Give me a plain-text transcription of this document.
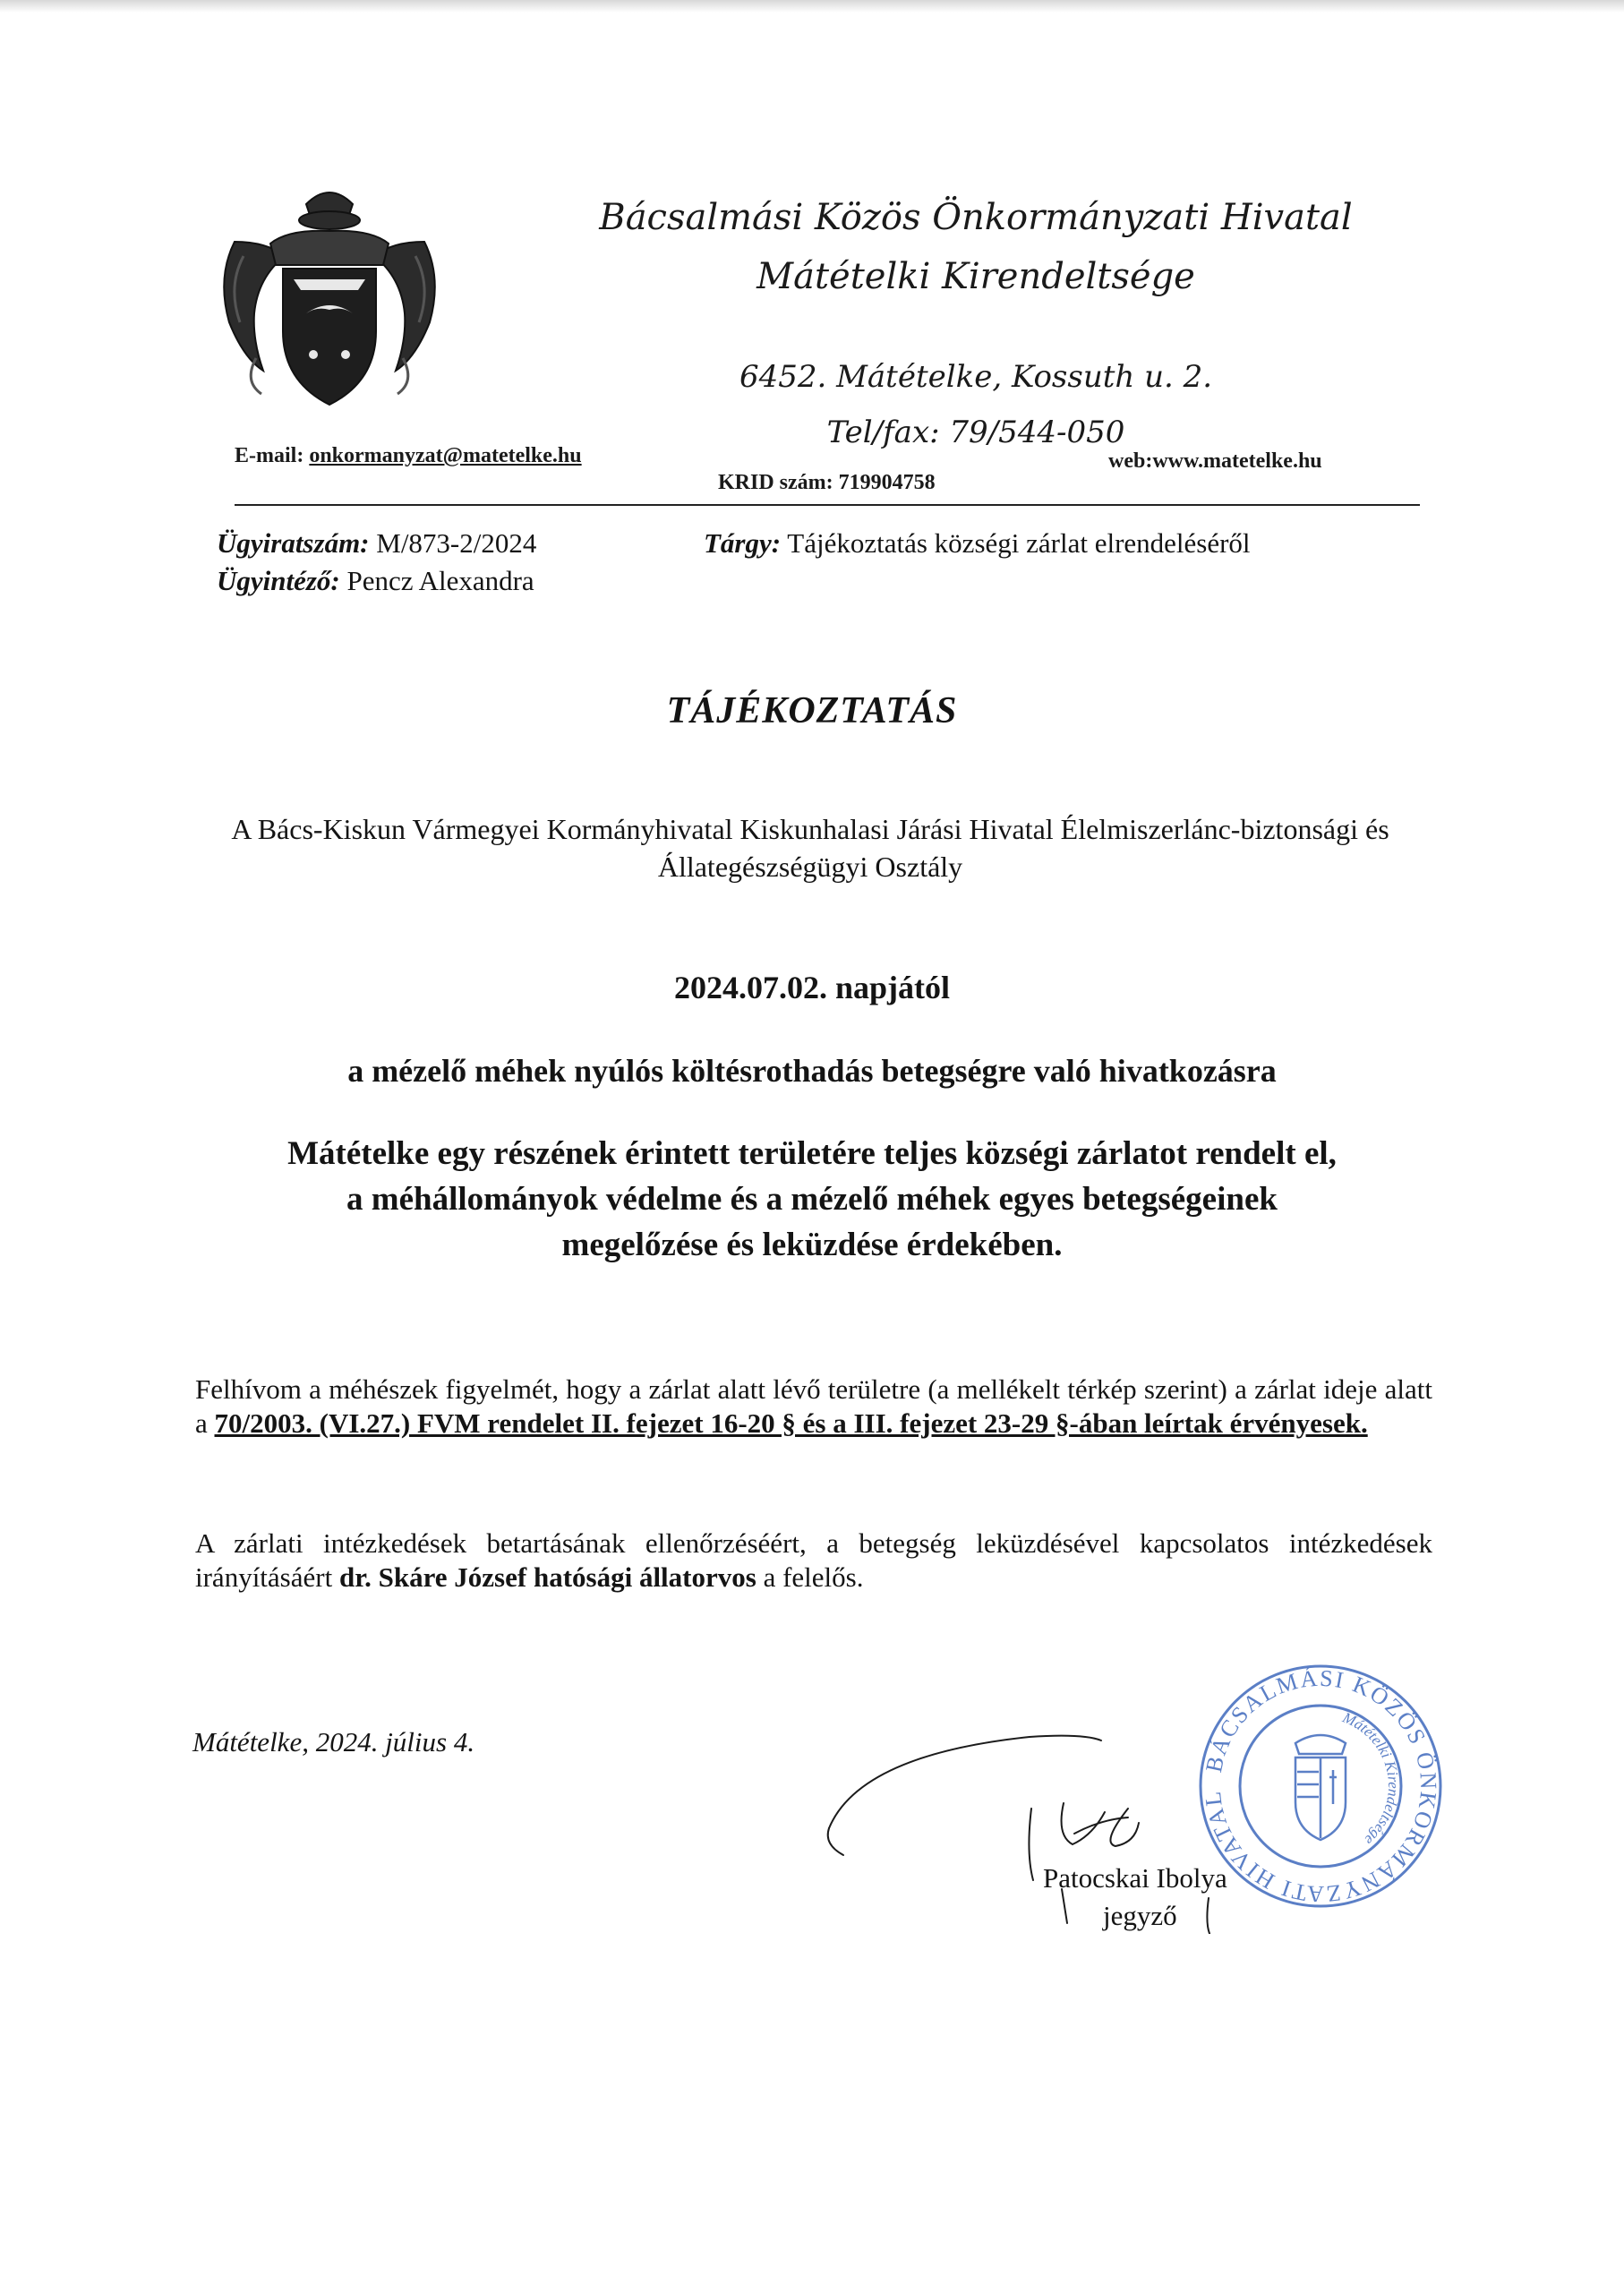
Bácsalmási Közös Önkormányzati Hivatal
Mátételki Kirendeltsége
6452. Mátételke, Kossuth u. 2.
Tel/fax: 79/544-050
E-mail: onkormanyzat@matetelke.hu	web:www.matetelke.hu
KRID szám: 719904758
Ügyiratszám: M/873-2/2024
Ügyintéző: Pencz Alexandra
Tárgy: Tájékoztatás községi zárlat elrendeléséről
TÁJÉKOZTATÁS
A Bács-Kiskun Vármegyei Kormányhivatal Kiskunhalasi Járási Hivatal Élelmiszerlánc-biztonsági és Állategészségügyi Osztály
2024.07.02. napjától
a mézelő méhek nyúlós költésrothadás betegségre való hivatkozásra
Mátételke egy részének érintett területére teljes községi zárlatot rendelt el,
a méhállományok védelme és a mézelő méhek egyes betegségeinek
megelőzése és leküzdése érdekében.
Felhívom a méhészek figyelmét, hogy a zárlat alatt lévő területre (a mellékelt térkép szerint) a zárlat ideje alatt a 70/2003. (VI.27.) FVM rendelet II. fejezet 16-20 § és a III. fejezet 23-29 §-ában leírtak érvényesek.
A zárlati intézkedések betartásának ellenőrzéséért, a betegség leküzdésével kapcsolatos intézkedések irányításáért dr. Skáre József hatósági állatorvos a felelős.
Mátételke, 2024. július 4.
BÁCSALMÁSI KÖZÖS ÖNKORMÁNYZATI HIVATAL
Mátételki Kirendeltsége
Patocskai Ibolya
jegyző
